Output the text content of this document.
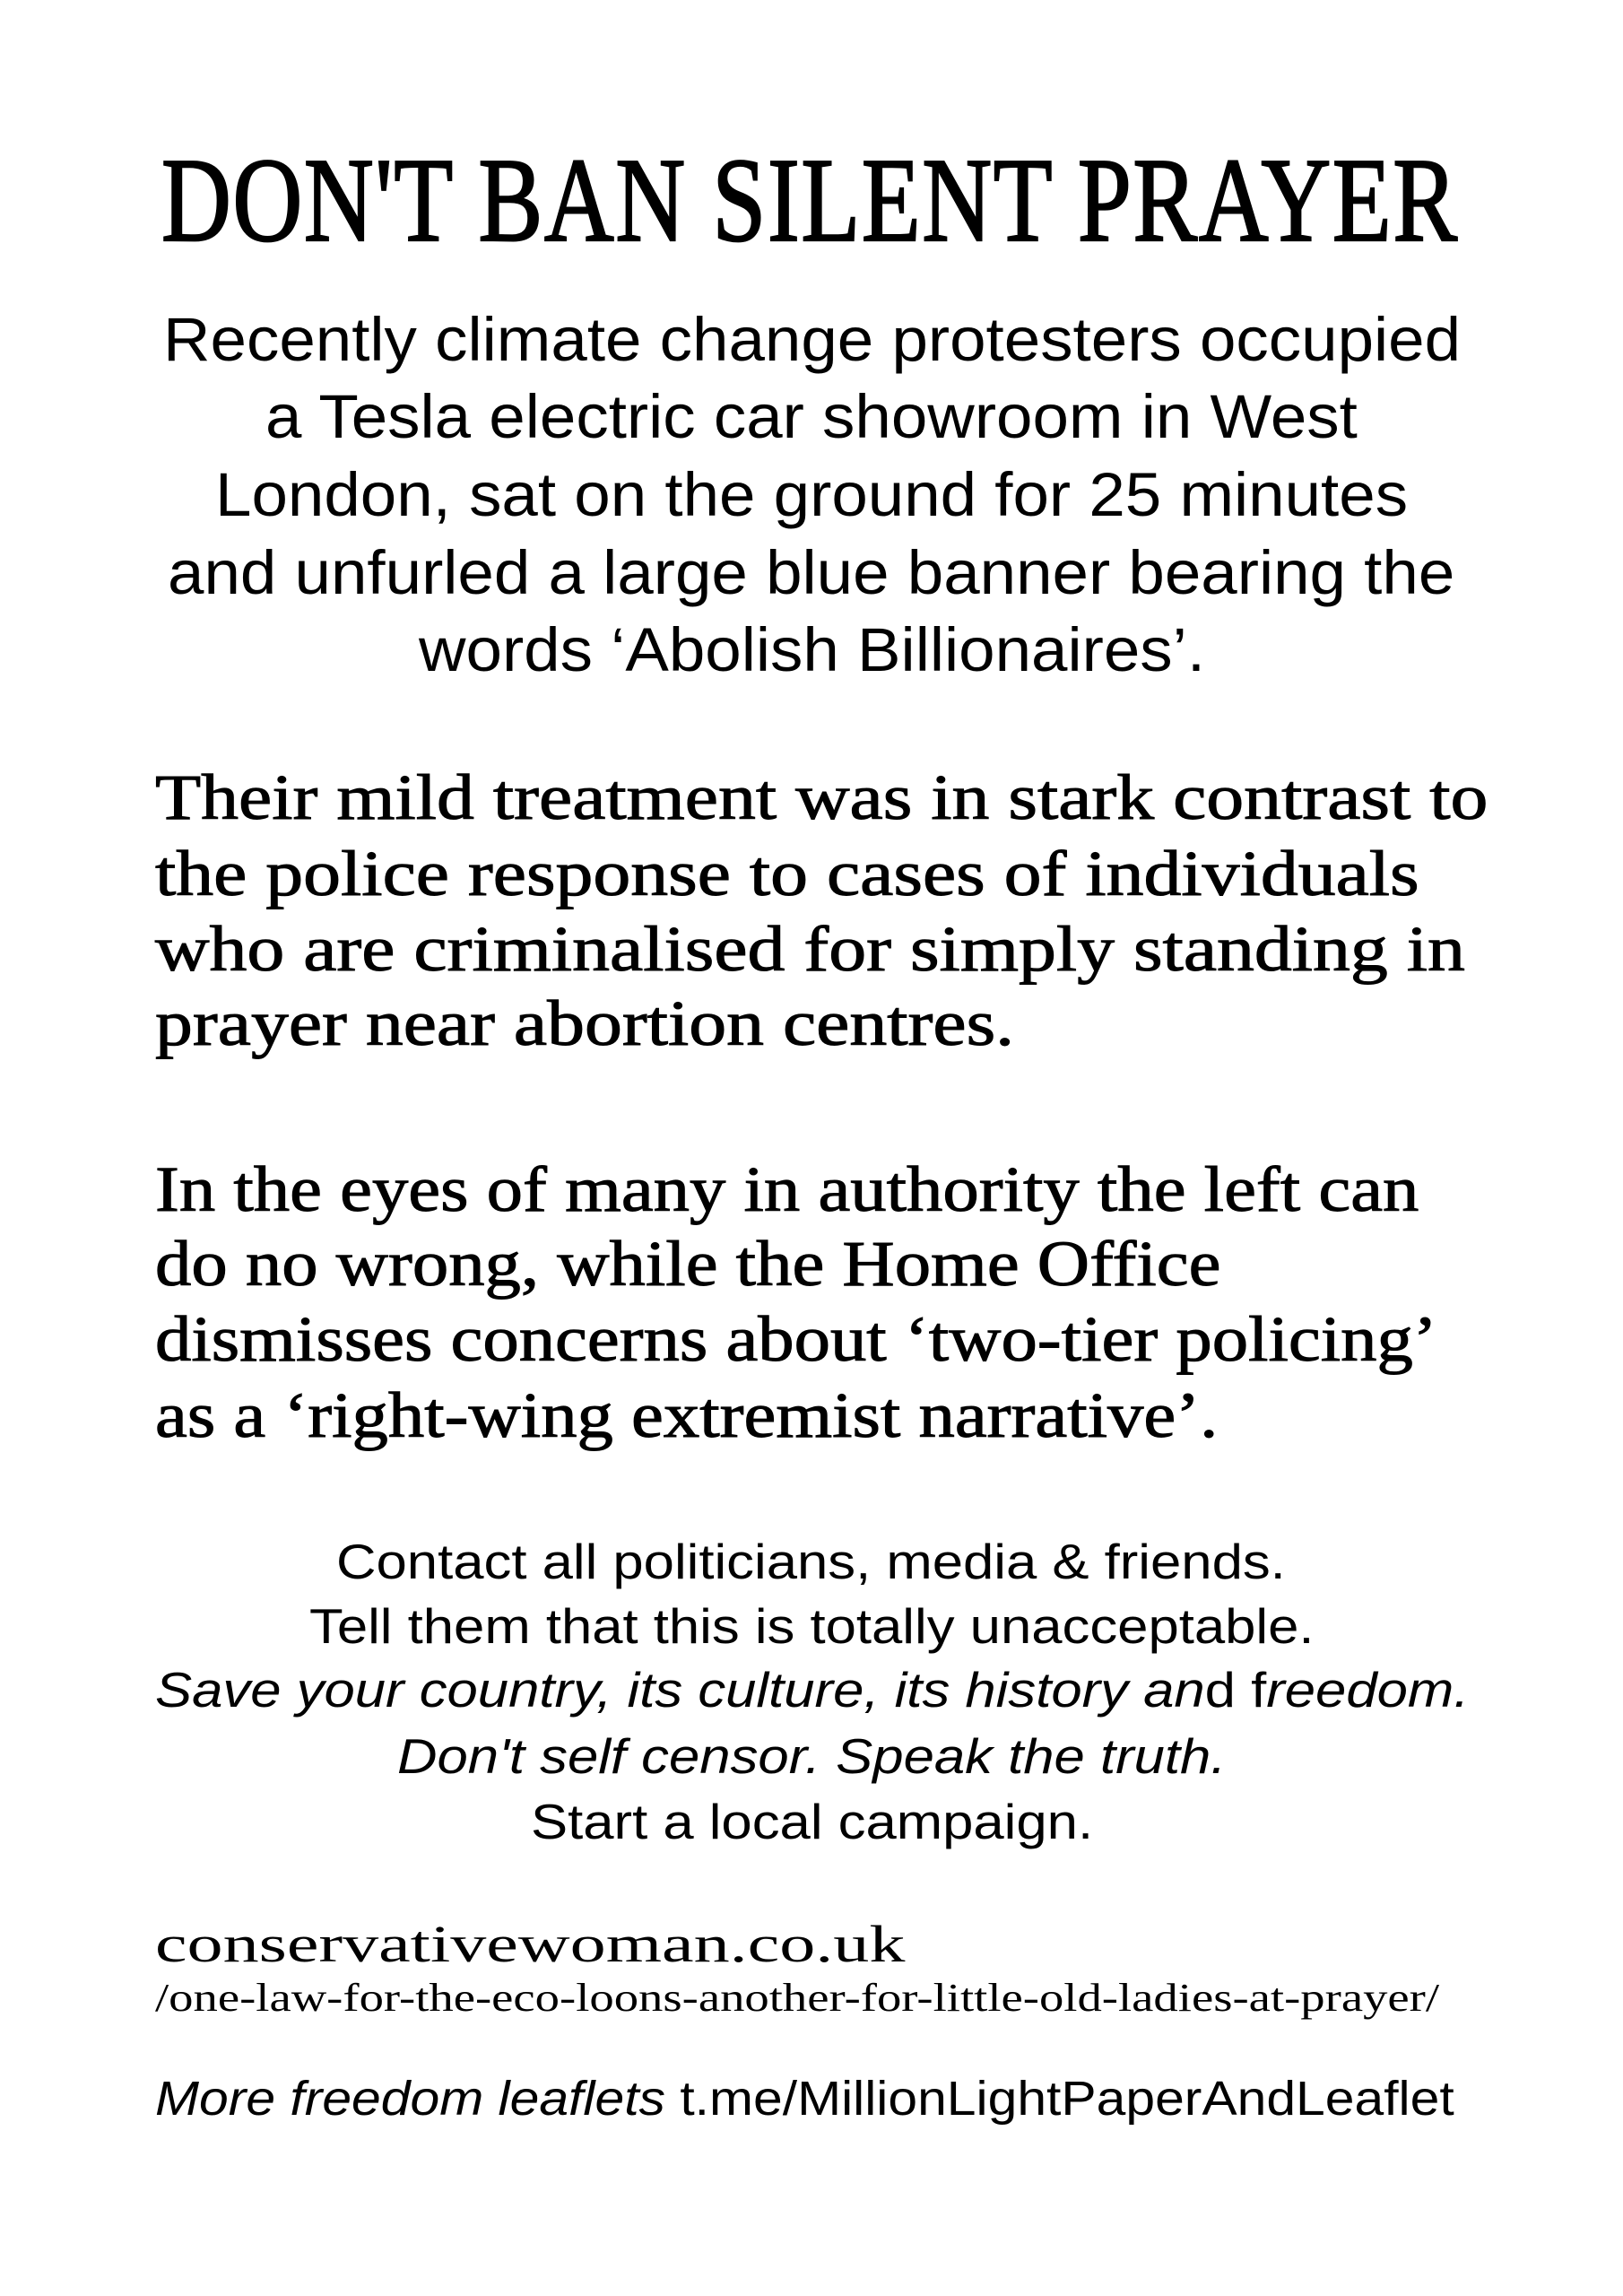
DON'T BAN SILENT PRAYER
Recently climate change protesters occupied
a Tesla electric car showroom in West
London, sat on the ground for 25 minutes
and unfurled a large blue banner bearing the
words ‘Abolish Billionaires’.
Their mild treatment was in stark contrast to
the police response to cases of individuals
who are criminalised for simply standing in
prayer near abortion centres.
In the eyes of many in authority the left can
do no wrong, while the Home Office
dismisses concerns about ‘two-tier policing’
as a ‘right-wing extremist narrative’.
Contact all politicians, media & friends.
Tell them that this is totally unacceptable.
Save your country, its culture, its history and freedom.
Don't self censor. Speak the truth.
Start a local campaign.
conservativewoman.co.uk
/one-law-for-the-eco-loons-another-for-little-old-ladies-at-prayer/
More freedom leaflets t.me/MillionLightPaperAndLeaflet
